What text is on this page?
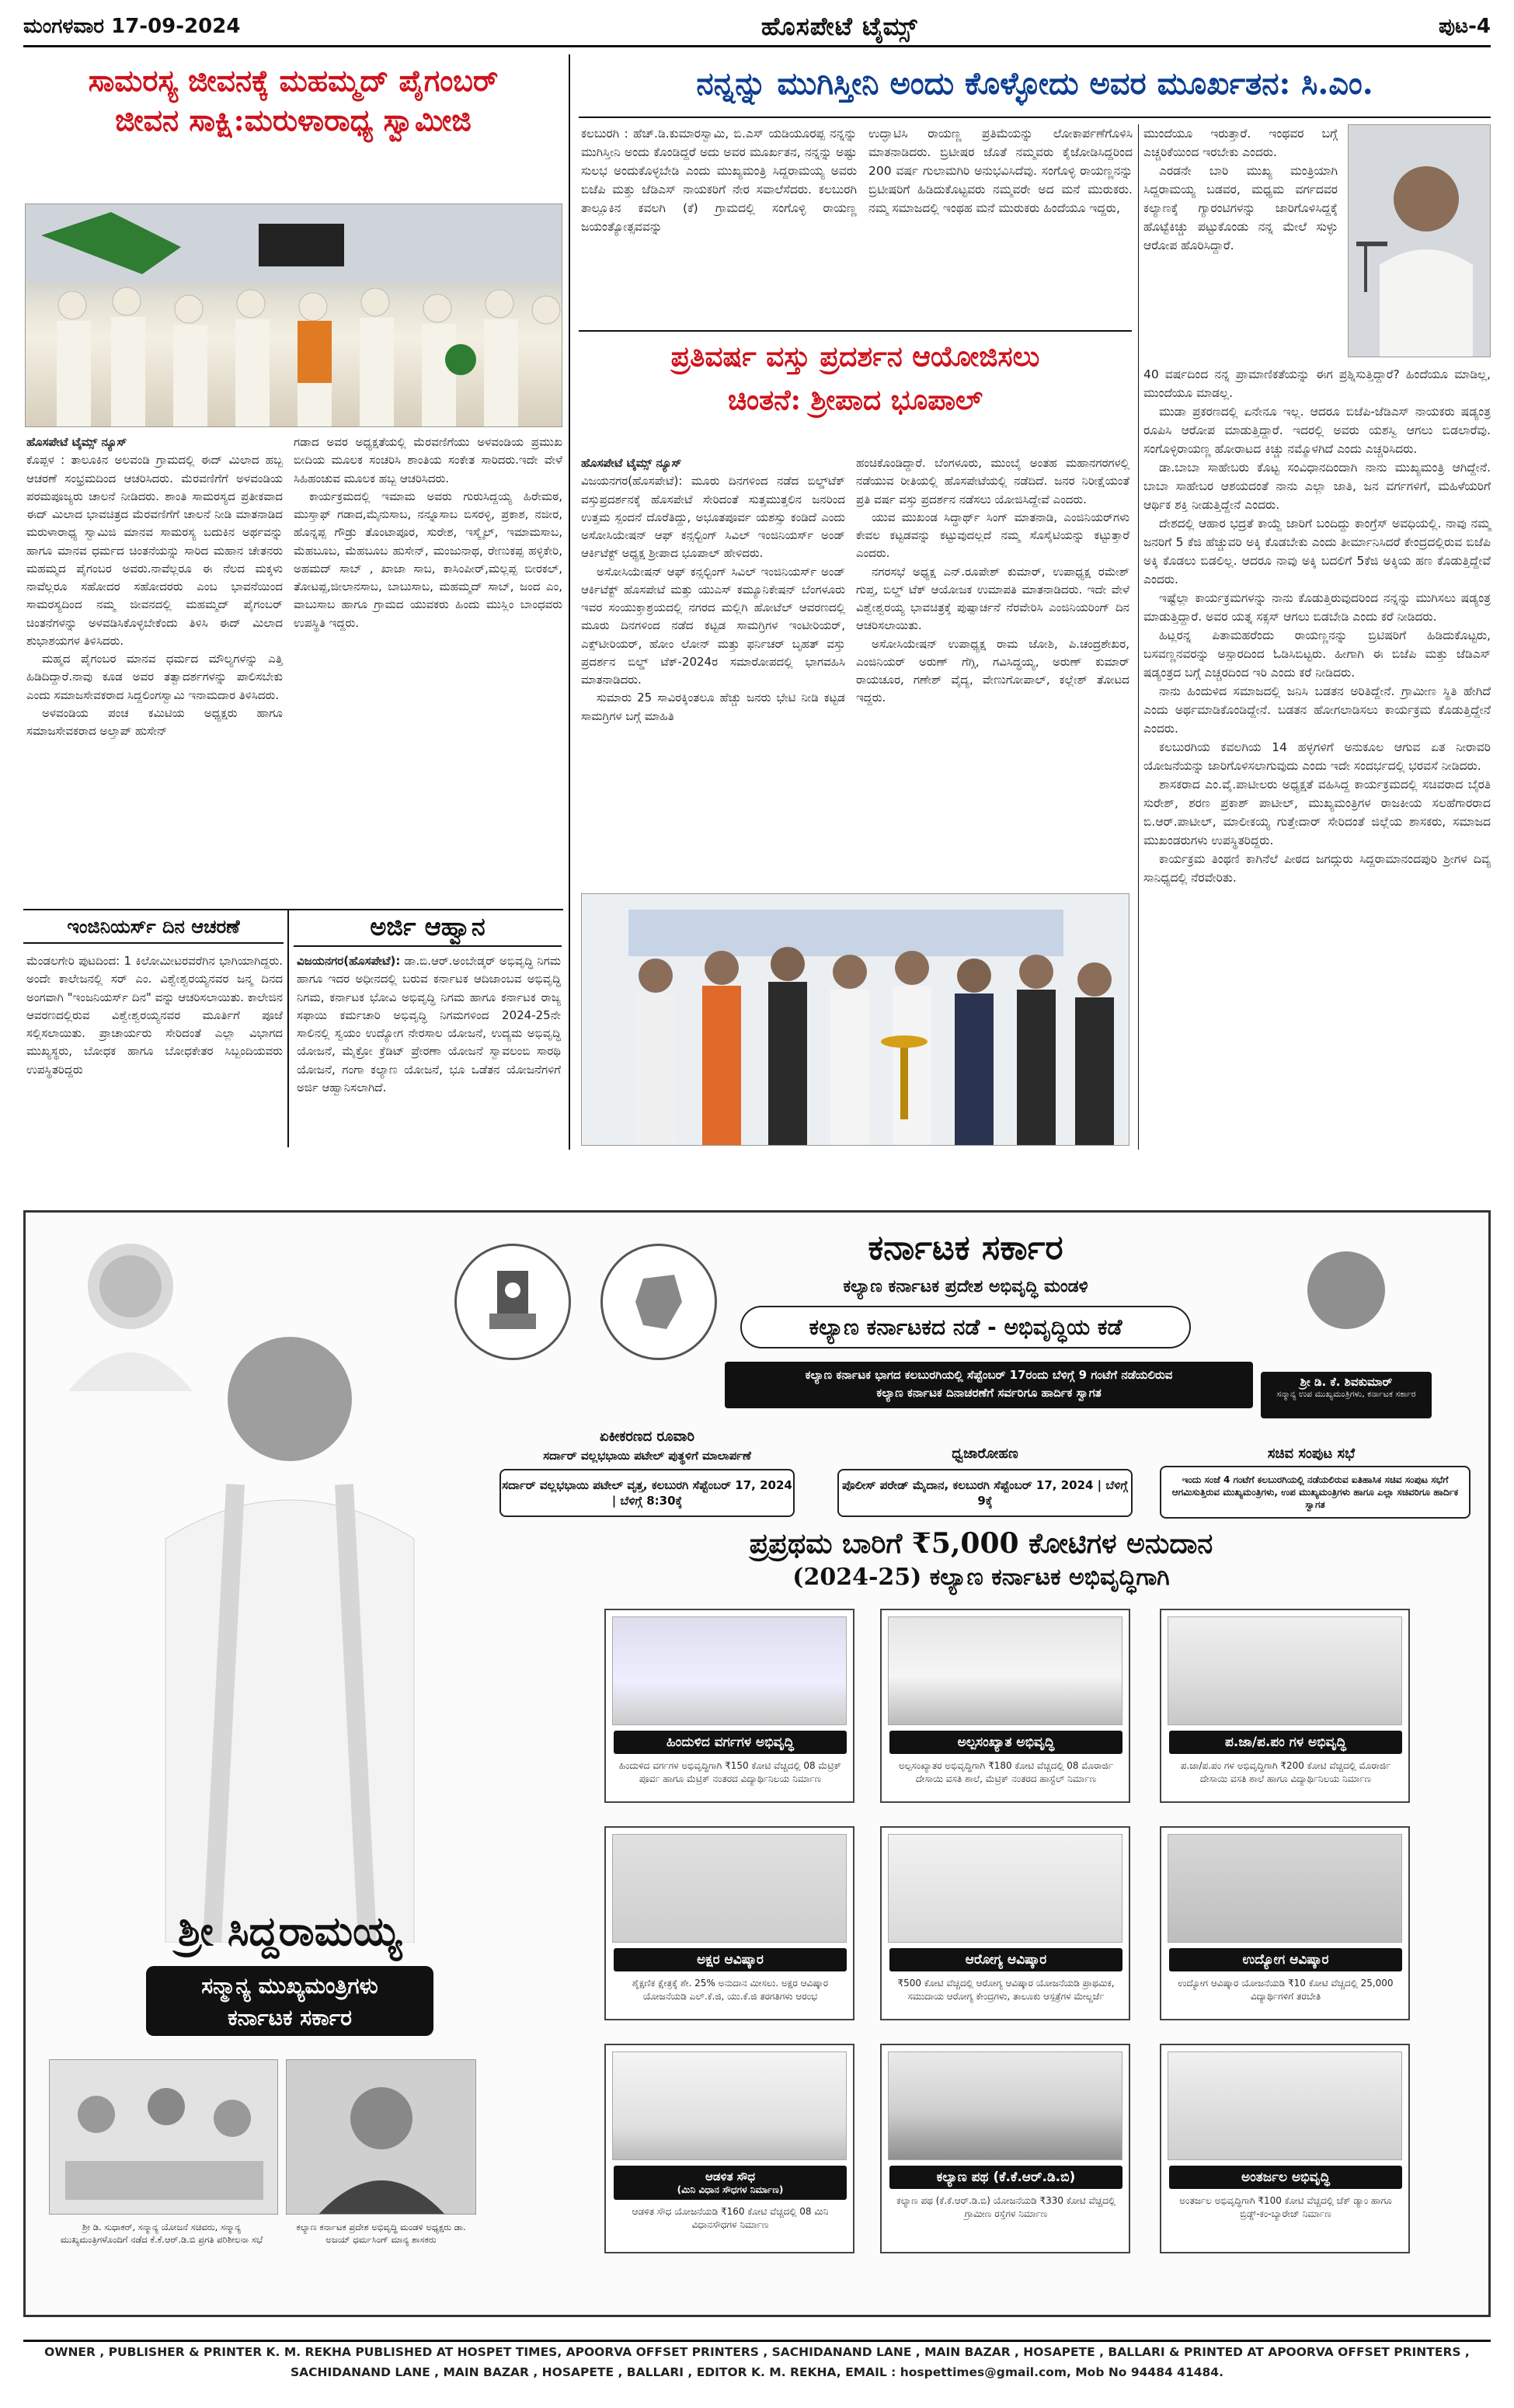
ಮಂಗಳವಾರ 17-09-2024	ಹೊಸಪೇಟೆ ಟೈಮ್ಸ್	ಪುಟ-4
ಸಾಮರಸ್ಯ ಜೀವನಕ್ಕೆ ಮಹಮ್ಮದ್ ಪೈಗಂಬರ್
ಜೀವನ ಸಾಕ್ಷಿ:ಮರುಳಾರಾಧ್ಯ ಸ್ವಾಮೀಜಿ
ಹೊಸಪೇಟೆ ಟೈಮ್ಸ್ ನ್ಯೂಸ್

ಕೊಪ್ಪಳ : ತಾಲೂಕಿನ ಅಲವಂಡಿ ಗ್ರಾಮದಲ್ಲಿ ಈದ್ ಮಿಲಾದ ಹಬ್ಬ ಆಚರಣೆ ಸಂಭ್ರಮದಿಂದ ಆಚರಿಸಿದರು. ಮೆರವಣಿಗೆಗೆ ಅಳವಂಡಿಯ ಪರಮಪೂಜ್ಯರು ಚಾಲನೆ ನೀಡಿದರು. ಶಾಂತಿ ಸಾಮರಸ್ಯದ ಪ್ರತೀಕವಾದ ಈದ್ ಮಿಲಾದ ಭಾವಚಿತ್ರದ ಮೆರವಣಿಗೆಗೆ ಚಾಲನೆ ನೀಡಿ ಮಾತನಾಡಿದ ಮರುಳಾರಾಧ್ಯ ಸ್ವಾಮಿಜಿ ಮಾನವ ಸಾಮರಸ್ಯ ಬದುಕಿನ ಅರ್ಥವನ್ನು ಹಾಗೂ ಮಾನವ ಧರ್ಮದ ಚಿಂತನೆಯನ್ನು ಸಾರಿದ ಮಹಾನ ಚೇತನರು ಮಹಮ್ಮದ ಪೈಗಂಬರ ಅವರು.ನಾವೆಲ್ಲರೂ ಈ ನೆಲದ ಮಕ್ಕಳು ನಾವೆಲ್ಲರೂ ಸಹೋದರ ಸಹೋದರರು ಎಂಬ ಭಾವನೆಯಿಂದ ಸಾಮರಸ್ಯದಿಂದ ನಮ್ಮ ಜೀವನದಲ್ಲಿ ಮಹಮ್ಮದ್ ಪೈಗಂಬರ್ ಚಿಂತನೆಗಳನ್ನು ಅಳವಡಿಸಿಕೊಳ್ಳಬೇಕೆಂದು ತಿಳಿಸಿ ಈದ್ ಮಿಲಾದ ಶುಭಾಶಯಗಳ ತಿಳಿಸಿದರು.

ಮಹ್ಮದ ಪೈಗಂಬರ ಮಾನವ ಧರ್ಮದ ಮೌಲ್ಯಗಳನ್ನು ಎತ್ತಿ ಹಿಡಿದಿದ್ದಾರೆ.ನಾವು ಕೂಡ ಅವರ ತತ್ವಾದರ್ಶಗಳನ್ನು ಪಾಲಿಸಬೇಕು ಎಂದು ಸಮಾಜಸೇವಕರಾದ ಸಿದ್ದಲಿಂಗಸ್ವಾಮಿ ಇನಾಮದಾರ ತಿಳಿಸಿದರು.

ಅಳವಂಡಿಯ ಪಂಚ ಕಮಿಟಿಯ ಅಧ್ಯಕ್ಷರು ಹಾಗೂ ಸಮಾಜಸೇವಕರಾದ ಅಲ್ತಾಪ್ ಹುಸೇನ್

ಗಡಾದ ಅವರ ಅಧ್ಯಕ್ಷತೆಯಲ್ಲಿ ಮೆರವಣಿಗೆಯು ಅಳವಂಡಿಯ ಪ್ರಮುಖ ಬೀದಿಯ ಮೂಲಕ ಸಂಚರಿಸಿ ಶಾಂತಿಯ ಸಂಕೇತ ಸಾರಿದರು.ಇದೇ ವೇಳೆ ಸಿಹಿಹಂಚುವ ಮೂಲಕ ಹಬ್ಬ ಆಚರಿಸಿದರು.

ಕಾರ್ಯಕ್ರಮದಲ್ಲಿ ಇಮಾಮ ಅವರು ಗುರುಸಿದ್ದಯ್ಯ ಹಿರೇಮಠ, ಮುಸ್ತಾಫ್ ಗಡಾದ,ಮೈನುಸಾಬ, ನನ್ನೂಸಾಬ ಬಿಸರಳ್ಳಿ, ಪ್ರಕಾಶ, ನಜೀರ, ಹೊನ್ನಪ್ಪ ಗೌಡ್ರು ತೊಂಟಾಪೂರ, ಸುರೇಶ, ಇಸ್ಮೈಲ್, ಇಮಾಮಸಾಬ, ಮೆಹಬೂಬ, ಮೆಹಬೂಬ ಹುಸೇನ್, ಮಂಜುನಾಥ, ರೇಣುಕಪ್ಪ ಹಳ್ಳಿಕೇರಿ, ಅಹಮದ್ ಸಾಬ್ , ಖಾಜಾ ಸಾಬ, ಕಾಸಿಂಪೀರ್,ಮಲ್ಲಪ್ಪ ಬೀರಕಲ್, ತೋಟಪ್ಪ,ಜೀಲಾನಸಾಬ, ಬಾಬುಸಾಬ, ಮಹಮ್ಮದ್ ಸಾಬ್, ಜಂದ ಎಂ, ವಾಬುಸಾಬ ಹಾಗೂ ಗ್ರಾಮದ ಯುವಕರು ಹಿಂದು ಮುಸ್ಲಿಂ ಬಾಂಧವರು ಉಪಸ್ಥಿತಿ ಇದ್ದರು.

ಇಂಜಿನಿಯರ್ಸ್ ದಿನ ಆಚರಣೆ
ಮೆಂಡಲಗೇರಿ ಪುಟದಿಂದ: 1 ಕಿಲೋಮೀಟರವರೆಗಿನ ಭಾಗಿಯಾಗಿದ್ದರು. ಅಂದೇ ಕಾಲೇಜನಲ್ಲಿ ಸರ್ ಎಂ. ವಿಶ್ವೇಶ್ವರಯ್ಯನವರ ಜನ್ಮ ದಿನದ ಅಂಗವಾಗಿ "ಇಂಜನಿಯರ್ಸ್ ದಿನ" ವನ್ನು ಆಚರಿಸಲಾಯಿತು. ಕಾಲೇಜಿನ ಆವರಣದಲ್ಲಿರುವ ವಿಶ್ವೇಶ್ವರಯ್ಯನವರ ಮೂರ್ತಿಗೆ ಪೂಜೆ ಸಲ್ಲಿಸಲಾಯಿತು. ಪ್ರಾಚಾರ್ಯರು ಸೇರಿದಂತೆ ಎಲ್ಲಾ ವಿಭಾಗದ ಮುಖ್ಯಸ್ಥರು, ಬೋಧಕ ಹಾಗೂ ಬೋಧಕೇತರ ಸಿಬ್ಬಂದಿಯವರು ಉಪಸ್ಥಿತರಿದ್ದರು
ಅರ್ಜಿ ಆಹ್ವಾನ
ವಿಜಯನಗರ(ಹೊಸಪೇಟೆ): ಡಾ.ಬಿ.ಆರ್.ಅಂಬೇಡ್ಕರ್ ಅಭಿವೃದ್ಧಿ ನಿಗಮ ಹಾಗೂ ಇದರ ಅಧೀನದಲ್ಲಿ ಬರುವ ಕರ್ನಾಟಕ ಆದಿಜಾಂಬವ ಅಭಿವೃದ್ಧಿ ನಿಗಮ, ಕರ್ನಾಟಕ ಭೋವಿ ಅಭಿವೃದ್ಧಿ ನಿಗಮ ಹಾಗೂ ಕರ್ನಾಟಕ ರಾಜ್ಯ ಸಫಾಯಿ ಕರ್ಮಚಾರಿ ಅಭಿವೃದ್ಧಿ ನಿಗಮಗಳಿಂದ 2024-25ನೇ ಸಾಲಿನಲ್ಲಿ ಸ್ವಯಂ ಉದ್ಯೋಗ ನೇರಸಾಲ ಯೋಜನೆ, ಉದ್ಯಮ ಅಭಿವೃದ್ಧಿ ಯೋಜನೆ, ಮೈಕ್ರೋ ಕ್ರೆಡಿಟ್ ಪ್ರೇರಣಾ ಯೋಜನೆ ಸ್ವಾವಲಂಬಿ ಸಾರಥಿ ಯೋಜನೆ, ಗಂಗಾ ಕಲ್ಯಾಣ ಯೋಜನೆ, ಭೂ ಒಡೆತನ ಯೋಜನೆಗಳಿಗೆ ಅರ್ಜಿ ಆಹ್ವಾನಿಸಲಾಗಿದೆ.
ನನ್ನನ್ನು ಮುಗಿಸ್ತೀನಿ ಅಂದು ಕೊಳ್ಳೋದು ಅವರ ಮೂರ್ಖತನ: ಸಿ.ಎಂ.
ಕಲಬುರಗಿ : ಹೆಚ್.ಡಿ.ಕುಮಾರಸ್ವಾಮಿ, ಬಿ.ಎಸ್ ಯಡಿಯೂರಪ್ಪ ನನ್ನನ್ನು ಮುಗಿಸ್ತೀನಿ ಅಂದು ಕೊಂಡಿದ್ದರೆ ಅದು ಅವರ ಮೂರ್ಖತನ, ನನ್ನನ್ನು ಅಷ್ಟು ಸುಲಭ ಅಂದುಕೊಳ್ಳಬೇಡಿ ಎಂದು ಮುಖ್ಯಮಂತ್ರಿ ಸಿದ್ದರಾಮಯ್ಯ ಅವರು ಬಿಜೆಪಿ ಮತ್ತು ಜೆಡಿಎಸ್ ನಾಯಕರಿಗೆ ನೇರ ಸವಾಲೆಸೆದರು. ಕಲಬುರಗಿ ತಾಲ್ಲೂಕಿನ ಕವಲಗಿ (ಕೆ) ಗ್ರಾಮದಲ್ಲಿ ಸಂಗೊಳ್ಳಿ ರಾಯಣ್ಣ ಜಯಂತ್ಯೋತ್ಸವವನ್ನು
ಉದ್ಘಾಟಿಸಿ ರಾಯಣ್ಣ ಪ್ರತಿಮೆಯನ್ನು ಲೋಕಾರ್ಪಣೆಗೊಳಿಸಿ ಮಾತನಾಡಿದರು. ಬ್ರಿಟೀಷರ ಜೊತೆ ನಮ್ಮವರು ಕೈಜೋಡಿಸಿದ್ದರಿಂದ 200 ವರ್ಷ ಗುಲಾಮಗಿರಿ ಅನುಭವಿಸಿದೆವು. ಸಂಗೊಳ್ಳಿ ರಾಯಣ್ಣನನ್ನು ಬ್ರಿಟೀಷರಿಗೆ ಹಿಡಿದುಕೊಟ್ಟವರು ನಮ್ಮವರೇ ಅದ ಮನೆ ಮುರುಕರು. ನಮ್ಮ ಸಮಾಜದಲ್ಲಿ ಇಂಥಹ ಮನೆ ಮುರುಕರು ಹಿಂದೆಯೂ ಇದ್ದರು,

ಮುಂದೆಯೂ ಇರುತ್ತಾರೆ. ಇಂಥವರ ಬಗ್ಗೆ ಎಚ್ಚರಿಕೆಯಿಂದ ಇರಬೇಕು ಎಂದರು.

ಎರಡನೇ ಬಾರಿ ಮುಖ್ಯ ಮಂತ್ರಿಯಾಗಿ ಸಿದ್ದರಾಮಯ್ಯ ಬಡವರ, ಮಧ್ಯಮ ವರ್ಗದವರ ಕಲ್ಯಾಣಕ್ಕೆ ಗ್ಯಾರಂಟಿಗಳನ್ನು ಜಾರಿಗೊಳಿಸಿದ್ದಕ್ಕೆ ಹೊಟ್ಟೆಕಿಚ್ಚು ಪಟ್ಟುಕೊಂಡು ನನ್ನ ಮೇಲೆ ಸುಳ್ಳು ಆರೋಪ ಹೊರಿಸಿದ್ದಾರೆ.

40 ವರ್ಷದಿಂದ ನನ್ನ ಪ್ರಾಮಾಣಿಕತೆಯನ್ನು ಈಗ ಪ್ರಶ್ನಿಸುತ್ತಿದ್ದಾರೆ? ಹಿಂದೆಯೂ ಮಾಡಿಲ್ಲ, ಮುಂದೆಯೂ ಮಾಡಲ್ಲ.

ಮುಡಾ ಪ್ರಕರಣದಲ್ಲಿ ಏನೇನೂ ಇಲ್ಲ. ಆದರೂ ಬಿಜೆಪಿ-ಜೆಡಿಎಸ್ ನಾಯಕರು ಷಡ್ಯಂತ್ರ ರೂಪಿಸಿ ಆರೋಪ ಮಾಡುತ್ತಿದ್ದಾರೆ. ಇದರಲ್ಲಿ ಅವರು ಯಶಸ್ವಿ ಆಗಲು ಬಿಡಲಾರೆವು. ಸಂಗೊಳ್ಳಿರಾಯಣ್ಣ ಹೋರಾಟದ ಕಿಚ್ಚು ನಮ್ಮೊಳಗಿದೆ ಎಂದು ಎಚ್ಚರಿಸಿದರು.

ಡಾ.ಬಾಬಾ ಸಾಹೇಬರು ಕೊಟ್ಟ ಸಂವಿಧಾನದಿಂದಾಗಿ ನಾನು ಮುಖ್ಯಮಂತ್ರಿ ಆಗಿದ್ದೇನೆ. ಬಾಬಾ ಸಾಹೇಬರ ಆಶಯದಂತೆ ನಾನು ಎಲ್ಲಾ ಜಾತಿ, ಜನ ವರ್ಗಗಳಿಗೆ, ಮಹಿಳೆಯರಿಗೆ ಆರ್ಥಿಕ ಶಕ್ತಿ ನೀಡುತ್ತಿದ್ದೇನೆ ಎಂದರು.

ದೇಶದಲ್ಲಿ ಆಹಾರ ಭದ್ರತೆ ಕಾಯ್ದೆ ಜಾರಿಗೆ ಬಂದಿದ್ದು ಕಾಂಗ್ರೆಸ್ ಅವಧಿಯಲ್ಲಿ. ನಾವು ನಮ್ಮ ಜನರಿಗೆ 5 ಕೆಜಿ ಹೆಚ್ಚುವರಿ ಅಕ್ಕಿ ಕೊಡಬೇಕು ಎಂದು ತೀರ್ಮಾನಿಸಿದರೆ ಕೇಂದ್ರದಲ್ಲಿರುವ ಬಿಜೆಪಿ ಅಕ್ಕಿ ಕೊಡಲು ಬಿಡಲಿಲ್ಲ. ಆದರೂ ನಾವು ಅಕ್ಕಿ ಬದಲಿಗೆ 5ಕೆಜಿ ಅಕ್ಕಿಯ ಹಣ ಕೊಡುತ್ತಿದ್ದೇವೆ ಎಂದರು.

ಇಷ್ಟೆಲ್ಲಾ ಕಾರ್ಯಕ್ರಮಗಳನ್ನು ನಾನು ಕೊಡುತ್ತಿರುವುದರಿಂದ ನನ್ನನ್ನು ಮುಗಿಸಲು ಷಡ್ಯಂತ್ರ ಮಾಡುತ್ತಿದ್ದಾರೆ. ಅವರ ಯತ್ನ ಸಕ್ಸಸ್ ಆಗಲು ಬಿಡಬೇಡಿ ಎಂದು ಕರೆ ನೀಡಿದರು.

ಹಿಟ್ಲರನ್ನ ಪಿತಾಮಹರೆಂದು ರಾಯಣ್ಣನನ್ನು ಬ್ರಿಟಿಷರಿಗೆ ಹಿಡಿದುಕೊಟ್ಟರು, ಬಸವಣ್ಣನವರನ್ನು ಅಸ್ಪಾರದಿಂದ ಓಡಿಸಿಬಿಟ್ಟರು. ಹೀಗಾಗಿ ಈ ಬಿಜೆಪಿ ಮತ್ತು ಜೆಡಿಎಸ್ ಷಡ್ಯಂತ್ರದ ಬಗ್ಗೆ ಎಚ್ಚರದಿಂದ ಇರಿ ಎಂದು ಕರೆ ನೀಡಿದರು.

ನಾನು ಹಿಂದುಳಿದ ಸಮಾಜದಲ್ಲಿ ಜನಿಸಿ ಬಡತನ ಅರಿತಿದ್ದೇನೆ. ಗ್ರಾಮೀಣ ಸ್ಥಿತಿ ಹೇಗಿದೆ ಎಂದು ಅರ್ಥಮಾಡಿಕೊಂಡಿದ್ದೇನೆ. ಬಡತನ ಹೋಗಲಾಡಿಸಲು ಕಾರ್ಯಕ್ರಮ ಕೊಡುತ್ತಿದ್ದೇನೆ ಎಂದರು.

ಕಲಬುರಗಿಯ ಕವಲಗಿಯ 14 ಹಳ್ಳಗಳಿಗೆ ಅನುಕೂಲ ಆಗುವ ಏತ ನೀರಾವರಿ ಯೋಜನೆಯನ್ನು ಜಾರಿಗೊಳಿಸಲಾಗುವುದು ಎಂದು ಇದೇ ಸಂದರ್ಭದಲ್ಲಿ ಭರವಸೆ ನೀಡಿದರು.

ಶಾಸಕರಾದ ಎಂ.ವೈ.ಪಾಟೀಲರು ಅಧ್ಯಕ್ಷತೆ ವಹಿಸಿದ್ದ ಕಾರ್ಯಕ್ರಮದಲ್ಲಿ ಸಚಿವರಾದ ಬೈರತಿ ಸುರೇಶ್, ಶರಣ ಪ್ರಕಾಶ್ ಪಾಟೀಲ್, ಮುಖ್ಯಮಂತ್ರಿಗಳ ರಾಜಕೀಯ ಸಲಹೆಗಾರರಾದ ಬಿ.ಆರ್.ಪಾಟೀಲ್, ಮಾಲೀಕಯ್ಯ ಗುತ್ತೇದಾರ್ ಸೇರಿದಂತೆ ಜಿಲ್ಲೆಯ ಶಾಸಕರು, ಸಮಾಜದ ಮುಖಂಡರುಗಳು ಉಪಸ್ಥಿತರಿದ್ದರು.

ಕಾರ್ಯಕ್ರಮ ತಿಂಥಣಿ ಕಾಗಿನೆಲೆ ಪೀಠದ ಜಗದ್ಗುರು ಸಿದ್ದರಾಮಾನಂದಪುರಿ ಶ್ರೀಗಳ ದಿವ್ಯ ಸಾನಿಧ್ಯದಲ್ಲಿ ನೆರವೇರಿತು.

ಪ್ರತಿವರ್ಷ ವಸ್ತು ಪ್ರದರ್ಶನ ಆಯೋಜಿಸಲು
ಚಿಂತನೆ: ಶ್ರೀಪಾದ ಭೂಪಾಲ್
ಹೊಸಪೇಟೆ ಟೈಮ್ಸ್ ನ್ಯೂಸ್

ವಿಜಯನಗರ(ಹೊಸಪೇಟೆ): ಮೂರು ದಿನಗಳಿಂದ ನಡೆದ ಬಿಲ್ಡ್‌ಟೆಕ್ ವಸ್ತುಪ್ರದರ್ಶನಕ್ಕೆ ಹೊಸಪೇಟೆ ಸೇರಿದಂತೆ ಸುತ್ತಮುತ್ತಲಿನ ಜನರಿಂದ ಉತ್ತಮ ಸ್ಪಂದನೆ ದೊರೆತಿದ್ದು, ಅಭೂತಪೂರ್ವ ಯಶಸ್ಸು ಕಂಡಿದೆ ಎಂದು ಅಸೋಸಿಯೇಷನ್ ಆಫ್ ಕನ್ಸಲ್ಟಿಂಗ್ ಸಿವಿಲ್ ಇಂಜಿನಿಯರ್ಸ್ ಅಂಡ್ ಆರ್ಕಿಟೆಕ್ಟ್ ಅಧ್ಯಕ್ಷ ಶ್ರೀಪಾದ ಭೂಪಾಲ್ ಹೇಳಿದರು.

ಅಸೋಸಿಯೇಷನ್ ಆಫ್ ಕನ್ಸಲ್ಟಿಂಗ್ ಸಿವಿಲ್ ಇಂಜಿನಿಯರ್ಸ್ ಅಂಡ್ ಆರ್ಕಿಟೆಕ್ಟ್ ಹೊಸಪೇಟೆ ಮತ್ತು ಯುಎಸ್ ಕಮ್ಯೂನಿಕೇಷನ್ ಬೆಂಗಳೂರು ಇವರ ಸಂಯುಕ್ತಾಶ್ರಯದಲ್ಲಿ ನಗರದ ಮಲ್ಲಿಗಿ ಹೋಟೆಲ್ ಆವರಣದಲ್ಲಿ ಮೂರು ದಿನಗಳಿಂದ ನಡೆದ ಕಟ್ಟಡ ಸಾಮಗ್ರಿಗಳ ಇಂಟೀರಿಯರ್, ಎಕ್ಸ್‌ಟೀರಿಯರ್, ಹೋಂ ಲೋನ್ ಮತ್ತು ಫರ್ನಿಚರ್ ಬೃಹತ್ ವಸ್ತು ಪ್ರದರ್ಶನ ಬಿಲ್ಡ್ ಟೆಕ್-2024ರ ಸಮಾರೋಪದಲ್ಲಿ ಭಾಗವಹಿಸಿ ಮಾತನಾಡಿದರು.

ಸುಮಾರು 25 ಸಾವಿರಕ್ಕಿಂತಲೂ ಹೆಚ್ಚು ಜನರು ಭೇಟಿ ನೀಡಿ ಕಟ್ಟಡ ಸಾಮಗ್ರಿಗಳ ಬಗ್ಗೆ ಮಾಹಿತಿ

ಹಂಚಿಕೊಂಡಿದ್ದಾರೆ. ಬೆಂಗಳೂರು, ಮುಂಬೈ ಅಂತಹ ಮಹಾನಗರಗಳಲ್ಲಿ ನಡೆಯುವ ರೀತಿಯಲ್ಲಿ ಹೊಸಪೇಟೆಯಲ್ಲಿ ನಡೆದಿದೆ. ಜನರ ನಿರೀಕ್ಷೆಯಂತೆ ಪ್ರತಿ ವರ್ಷ ವಸ್ತು ಪ್ರದರ್ಶನ ನಡೆಸಲು ಯೋಜಿಸಿದ್ದೇವೆ ಎಂದರು.

ಯುವ ಮುಖಂಡ ಸಿದ್ಧಾರ್ಥ್ ಸಿಂಗ್ ಮಾತನಾಡಿ, ಎಂಜಿನಿಯರ್‌ಗಳು ಕೇವಲ ಕಟ್ಟಡವನ್ನು ಕಟ್ಟುವುದಲ್ಲದೆ ನಮ್ಮ ಸೊಸೈಟಿಯನ್ನು ಕಟ್ಟುತ್ತಾರೆ ಎಂದರು.

ನಗರಸಭೆ ಅಧ್ಯಕ್ಷ ಎನ್.ರೂಪೇಶ್ ಕುಮಾರ್, ಉಪಾಧ್ಯಕ್ಷ ರಮೇಶ್ ಗುಪ್ತ, ಬಿಲ್ಡ್ ಟೆಕ್ ಆಯೋಜಕ ಉಮಾಪತಿ ಮಾತನಾಡಿದರು. ಇದೇ ವೇಳೆ ವಿಶ್ವೇಶ್ವರಯ್ಯ ಭಾವಚಿತ್ರಕ್ಕೆ ಪುಷ್ಪಾರ್ಚನೆ ನೆರವೇರಿಸಿ ಎಂಜಿನಿಯರಿಂಗ್ ದಿನ ಆಚರಿಸಲಾಯಿತು.

ಅಸೋಸಿಯೇಷನ್ ಉಪಾಧ್ಯಕ್ಷ ರಾಮ ಜೋಶಿ, ಪಿ.ಚಂದ್ರಶೇಖರ, ಎಂಜಿನಿಯರ್ ಅರುಣ್ ಗೆಗ್ಗಿ, ಗವಿಸಿದ್ಧಯ್ಯ, ಅರುಣ್ ಕುಮಾರ್ ರಾಯಚೂರ, ಗಣೇಶ್ ವೈದ್ಯ, ವೇಣುಗೋಪಾಲ್, ಕಲ್ಲೇಶ್ ತೋಟದ ಇದ್ದರು.

ಕರ್ನಾಟಕ ಸರ್ಕಾರ
ಕಲ್ಯಾಣ ಕರ್ನಾಟಕ ಪ್ರದೇಶ ಅಭಿವೃದ್ಧಿ ಮಂಡಳಿ
ಕಲ್ಯಾಣ ಕರ್ನಾಟಕದ ನಡೆ - ಅಭಿವೃದ್ಧಿಯ ಕಡೆ
ಕಲ್ಯಾಣ ಕರ್ನಾಟಕ ಭಾಗದ ಕಲಬುರಗಿಯಲ್ಲಿ ಸೆಪ್ಟೆಂಬರ್ 17ರಂದು ಬೆಳಿಗ್ಗೆ 9 ಗಂಟೆಗೆ ನಡೆಯಲಿರುವ
ಕಲ್ಯಾಣ ಕರ್ನಾಟಕ ದಿನಾಚರಣೆಗೆ ಸರ್ವರಿಗೂ ಹಾರ್ದಿಕ ಸ್ವಾಗತ
ಶ್ರೀ ಡಿ. ಕೆ. ಶಿವಕುಮಾರ್
ಸನ್ಮಾನ್ಯ ಉಪ ಮುಖ್ಯಮಂತ್ರಿಗಳು, ಕರ್ನಾಟಕ ಸರ್ಕಾರ
ಏಕೀಕರಣದ ರೂವಾರಿ
ಸರ್ದಾರ್ ವಲ್ಲಭಭಾಯಿ ಪಟೇಲ್ ಪುತ್ಥಳಿಗೆ ಮಾಲಾರ್ಪಣೆ
ಸರ್ದಾರ್ ವಲ್ಲಭಭಾಯಿ ಪಟೇಲ್ ವೃತ್ತ, ಕಲಬುರಗಿ ಸೆಪ್ಟೆಂಬರ್ 17, 2024 | ಬೆಳಿಗ್ಗೆ 8:30ಕ್ಕೆ
ಧ್ವಜಾರೋಹಣ
ಪೊಲೀಸ್ ಪರೇಡ್ ಮೈದಾನ, ಕಲಬುರಗಿ ಸೆಪ್ಟೆಂಬರ್ 17, 2024 | ಬೆಳಿಗ್ಗೆ 9ಕ್ಕೆ
ಸಚಿವ ಸಂಪುಟ ಸಭೆ
ಇಂದು ಸಂಜೆ 4 ಗಂಟೆಗೆ ಕಲಬುರಗಿಯಲ್ಲಿ ನಡೆಯಲಿರುವ ಐತಿಹಾಸಿಕ ಸಚಿವ ಸಂಪುಟ ಸಭೆಗೆ ಆಗಮಿಸುತ್ತಿರುವ ಮುಖ್ಯಮಂತ್ರಿಗಳು, ಉಪ ಮುಖ್ಯಮಂತ್ರಿಗಳು ಹಾಗೂ ಎಲ್ಲಾ ಸಚಿವರಿಗೂ ಹಾರ್ದಿಕ ಸ್ವಾಗತ
ಪ್ರಪ್ರಥಮ ಬಾರಿಗೆ ₹5,000 ಕೋಟಿಗಳ ಅನುದಾನ
(2024-25) ಕಲ್ಯಾಣ ಕರ್ನಾಟಕ ಅಭಿವೃದ್ಧಿಗಾಗಿ
ಶ್ರೀ ಸಿದ್ದರಾಮಯ್ಯ
ಸನ್ಮಾನ್ಯ ಮುಖ್ಯಮಂತ್ರಿಗಳು
ಕರ್ನಾಟಕ ಸರ್ಕಾರ
ಶ್ರೀ ಡಿ. ಸುಧಾಕರ್, ಸನ್ಮಾನ್ಯ ಯೋಜನೆ ಸಚಿವರು, ಸನ್ಮಾನ್ಯ ಮುಖ್ಯಮಂತ್ರಿಗಳೊಂದಿಗೆ ನಡೆದ ಕೆ.ಕೆ.ಆರ್.ಡಿ.ಬಿ ಪ್ರಗತಿ ಪರಿಶೀಲನಾ ಸಭೆ
ಕಲ್ಯಾಣ ಕರ್ನಾಟಕ ಪ್ರದೇಶ ಅಭಿವೃದ್ಧಿ ಮಂಡಳಿ ಅಧ್ಯಕ್ಷರು ಡಾ. ಅಜಯ್ ಧರ್ಮಸಿಂಗ್ ಮಾನ್ಯ ಶಾಸಕರು
ಹಿಂದುಳಿದ ವರ್ಗಗಳ ಅಭಿವೃದ್ಧಿ
ಹಿಂದುಳಿದ ವರ್ಗಗಳ ಅಭಿವೃದ್ಧಿಗಾಗಿ ₹150 ಕೋಟಿ ವೆಚ್ಚದಲ್ಲಿ 08 ಮೆಟ್ರಿಕ್ ಪೂರ್ವ ಹಾಗೂ ಮೆಟ್ರಿಕ್ ನಂತರದ ವಿದ್ಯಾರ್ಥಿನಿಲಯ ನಿರ್ಮಾಣ
ಅಲ್ಪಸಂಖ್ಯಾತ ಅಭಿವೃದ್ಧಿ
ಅಲ್ಪಸಂಖ್ಯಾತರ ಅಭಿವೃದ್ಧಿಗಾಗಿ ₹180 ಕೋಟಿ ವೆಚ್ಚದಲ್ಲಿ 08 ಮೊರಾರ್ಜಿ ದೇಸಾಯಿ ವಸತಿ ಶಾಲೆ, ಮೆಟ್ರಿಕ್ ನಂತರದ ಹಾಸ್ಟೆಲ್ ನಿರ್ಮಾಣ
ಪ.ಜಾ/ಪ.ಪಂ ಗಳ ಅಭಿವೃದ್ಧಿ
ಪ.ಜಾ/ಪ.ಪಂ ಗಳ ಅಭಿವೃದ್ಧಿಗಾಗಿ ₹200 ಕೋಟಿ ವೆಚ್ಚದಲ್ಲಿ ಮೊರಾರ್ಜಿ ದೇಸಾಯಿ ವಸತಿ ಶಾಲೆ ಹಾಗೂ ವಿದ್ಯಾರ್ಥಿನಿಲಯ ನಿರ್ಮಾಣ
ಅಕ್ಷರ ಆವಿಷ್ಕಾರ
ಶೈಕ್ಷಣಿಕ ಕ್ಷೇತ್ರಕ್ಕೆ ಶೇ. 25% ಅನುದಾನ ಮೀಸಲು. ಅಕ್ಷರ ಆವಿಷ್ಕಾರ ಯೋಜನೆಯಡಿ ಎಲ್.ಕೆ.ಜಿ, ಯು.ಕೆ.ಜಿ ತರಗತಿಗಳು ಆರಂಭ
ಆರೋಗ್ಯ ಆವಿಷ್ಕಾರ
₹500 ಕೋಟಿ ವೆಚ್ಚದಲ್ಲಿ ಆರೋಗ್ಯ ಆವಿಷ್ಕಾರ ಯೋಜನೆಯಡಿ ಪ್ರಾಥಮಿಕ, ಸಮುದಾಯ ಆರೋಗ್ಯ ಕೇಂದ್ರಗಳು, ತಾಲೂಕು ಆಸ್ಪತ್ರೆಗಳ ಮೇಲ್ದರ್ಜೆ
ಉದ್ಯೋಗ ಆವಿಷ್ಕಾರ
ಉದ್ಯೋಗ ಆವಿಷ್ಕಾರ ಯೋಜನೆಯಡಿ ₹10 ಕೋಟಿ ವೆಚ್ಚದಲ್ಲಿ 25,000 ವಿದ್ಯಾರ್ಥಿಗಳಿಗೆ ತರಬೇತಿ
ಆಡಳಿತ ಸೌಧ
(ಮಿನಿ ವಿಧಾನ ಸೌಧಗಳ ನಿರ್ಮಾಣ)
ಆಡಳಿತ ಸೌಧ ಯೋಜನೆಯಡಿ ₹160 ಕೋಟಿ ವೆಚ್ಚದಲ್ಲಿ 08 ಮಿನಿ ವಿಧಾನಸೌಧಗಳ ನಿರ್ಮಾಣ
ಕಲ್ಯಾಣ ಪಥ (ಕೆ.ಕೆ.ಆರ್.ಡಿ.ಬಿ)
ಕಲ್ಯಾಣ ಪಥ (ಕೆ.ಕೆ.ಆರ್.ಡಿ.ಬಿ) ಯೋಜನೆಯಡಿ ₹330 ಕೋಟಿ ವೆಚ್ಚದಲ್ಲಿ ಗ್ರಾಮೀಣ ರಸ್ತೆಗಳ ನಿರ್ಮಾಣ
ಅಂತರ್ಜಲ ಅಭಿವೃದ್ಧಿ
ಅಂತರ್ಜಲ ಅಭಿವೃದ್ಧಿಗಾಗಿ ₹100 ಕೋಟಿ ವೆಚ್ಚದಲ್ಲಿ ಚೆಕ್ ಡ್ಯಾಂ ಹಾಗೂ ಬ್ರಿಡ್ಜ್-ಕಂ-ಬ್ಯಾರೇಜ್ ನಿರ್ಮಾಣ
OWNER , PUBLISHER & PRINTER K. M. REKHA PUBLISHED AT HOSPET TIMES, APOORVA OFFSET PRINTERS , SACHIDANAND LANE , MAIN BAZAR , HOSAPETE , BALLARI & PRINTED AT APOORVA OFFSET PRINTERS ,
SACHIDANAND LANE , MAIN BAZAR , HOSAPETE , BALLARI , EDITOR K. M. REKHA, EMAIL : hospettimes@gmail.com, Mob No 94484 41484.
